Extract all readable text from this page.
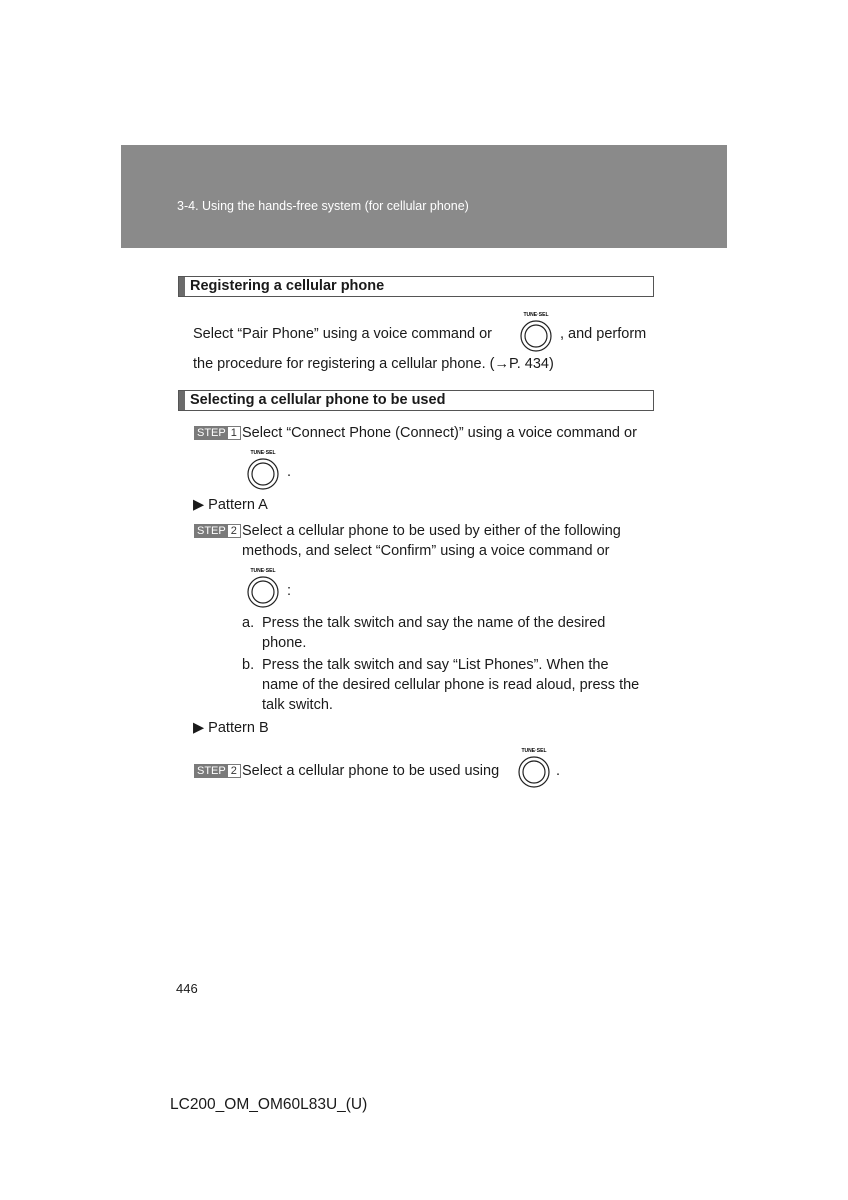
3-4. Using the hands-free system (for cellular phone)
Registering a cellular phone
Select “Pair Phone” using a voice command or
TUNE·SEL
, and perform
the procedure for registering a cellular phone. (→P. 434)
Selecting a cellular phone to be used
STEP 1 Select “Connect Phone (Connect)” using a voice command or
TUNE·SEL
.
▶ Pattern A
STEP 2 Select a cellular phone to be used by either of the following
methods, and select “Confirm” using a voice command or
TUNE·SEL
:
a. Press the talk switch and say the name of the desired
phone.
b. Press the talk switch and say “List Phones”. When the
name of the desired cellular phone is read aloud, press the
talk switch.
▶ Pattern B
STEP 2 Select a cellular phone to be used using
TUNE·SEL
.
446
LC200_OM_OM60L83U_(U)
